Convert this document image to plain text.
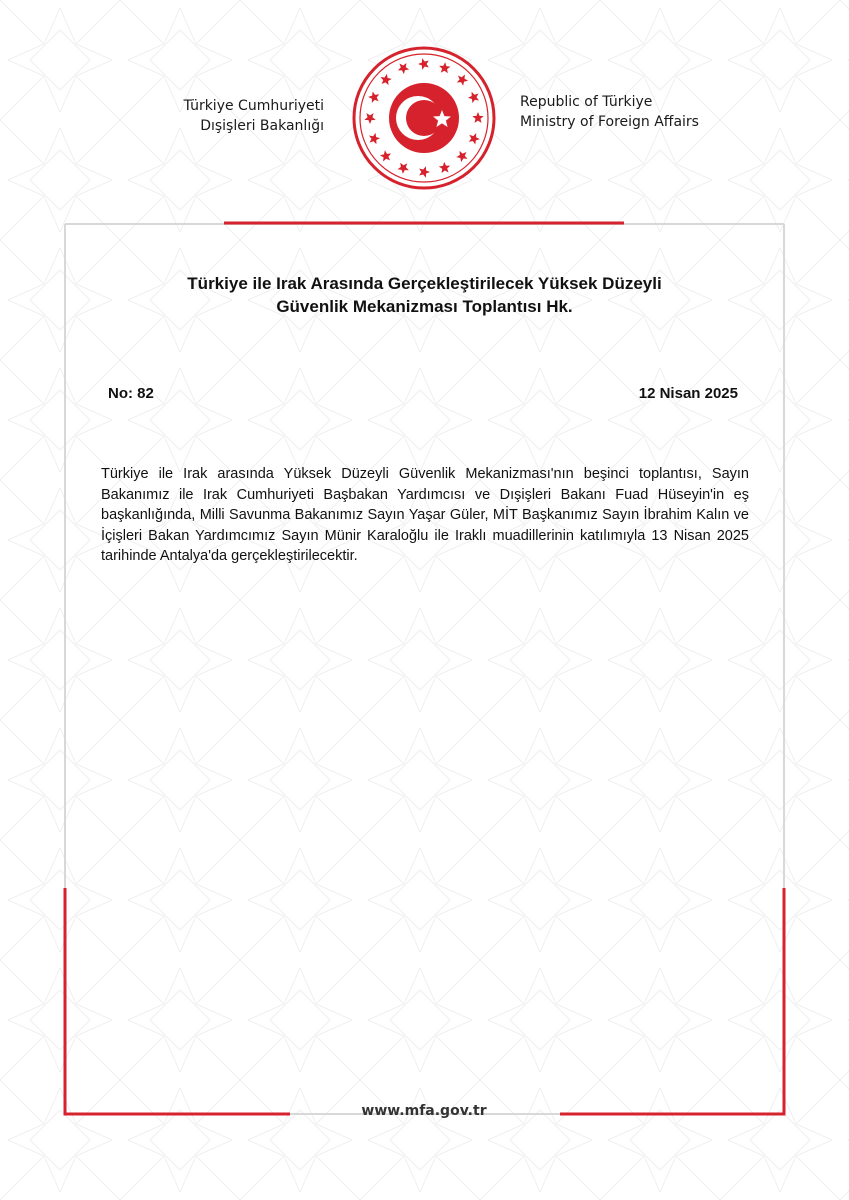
Türkiye Cumhuriyeti
Dışişleri Bakanlığı
Republic of Türkiye
Ministry of Foreign Affairs
Türkiye ile Irak Arasında Gerçekleştirilecek Yüksek Düzeyli
Güvenlik Mekanizması Toplantısı Hk.
No: 82	12 Nisan 2025
Türkiye ile Irak arasında Yüksek Düzeyli Güvenlik Mekanizması'nın beşinci toplantısı, Sayın Bakanımız ile Irak Cumhuriyeti Başbakan Yardımcısı ve Dışişleri Bakanı Fuad Hüseyin'in eş başkanlığında, Milli Savunma Bakanımız Sayın Yaşar Güler, MİT Başkanımız Sayın İbrahim Kalın ve İçişleri Bakan Yardımcımız Sayın Münir Karaloğlu ile Iraklı muadillerinin katılımıyla 13 Nisan 2025 tarihinde Antalya'da gerçekleştirilecektir.
www.mfa.gov.tr
